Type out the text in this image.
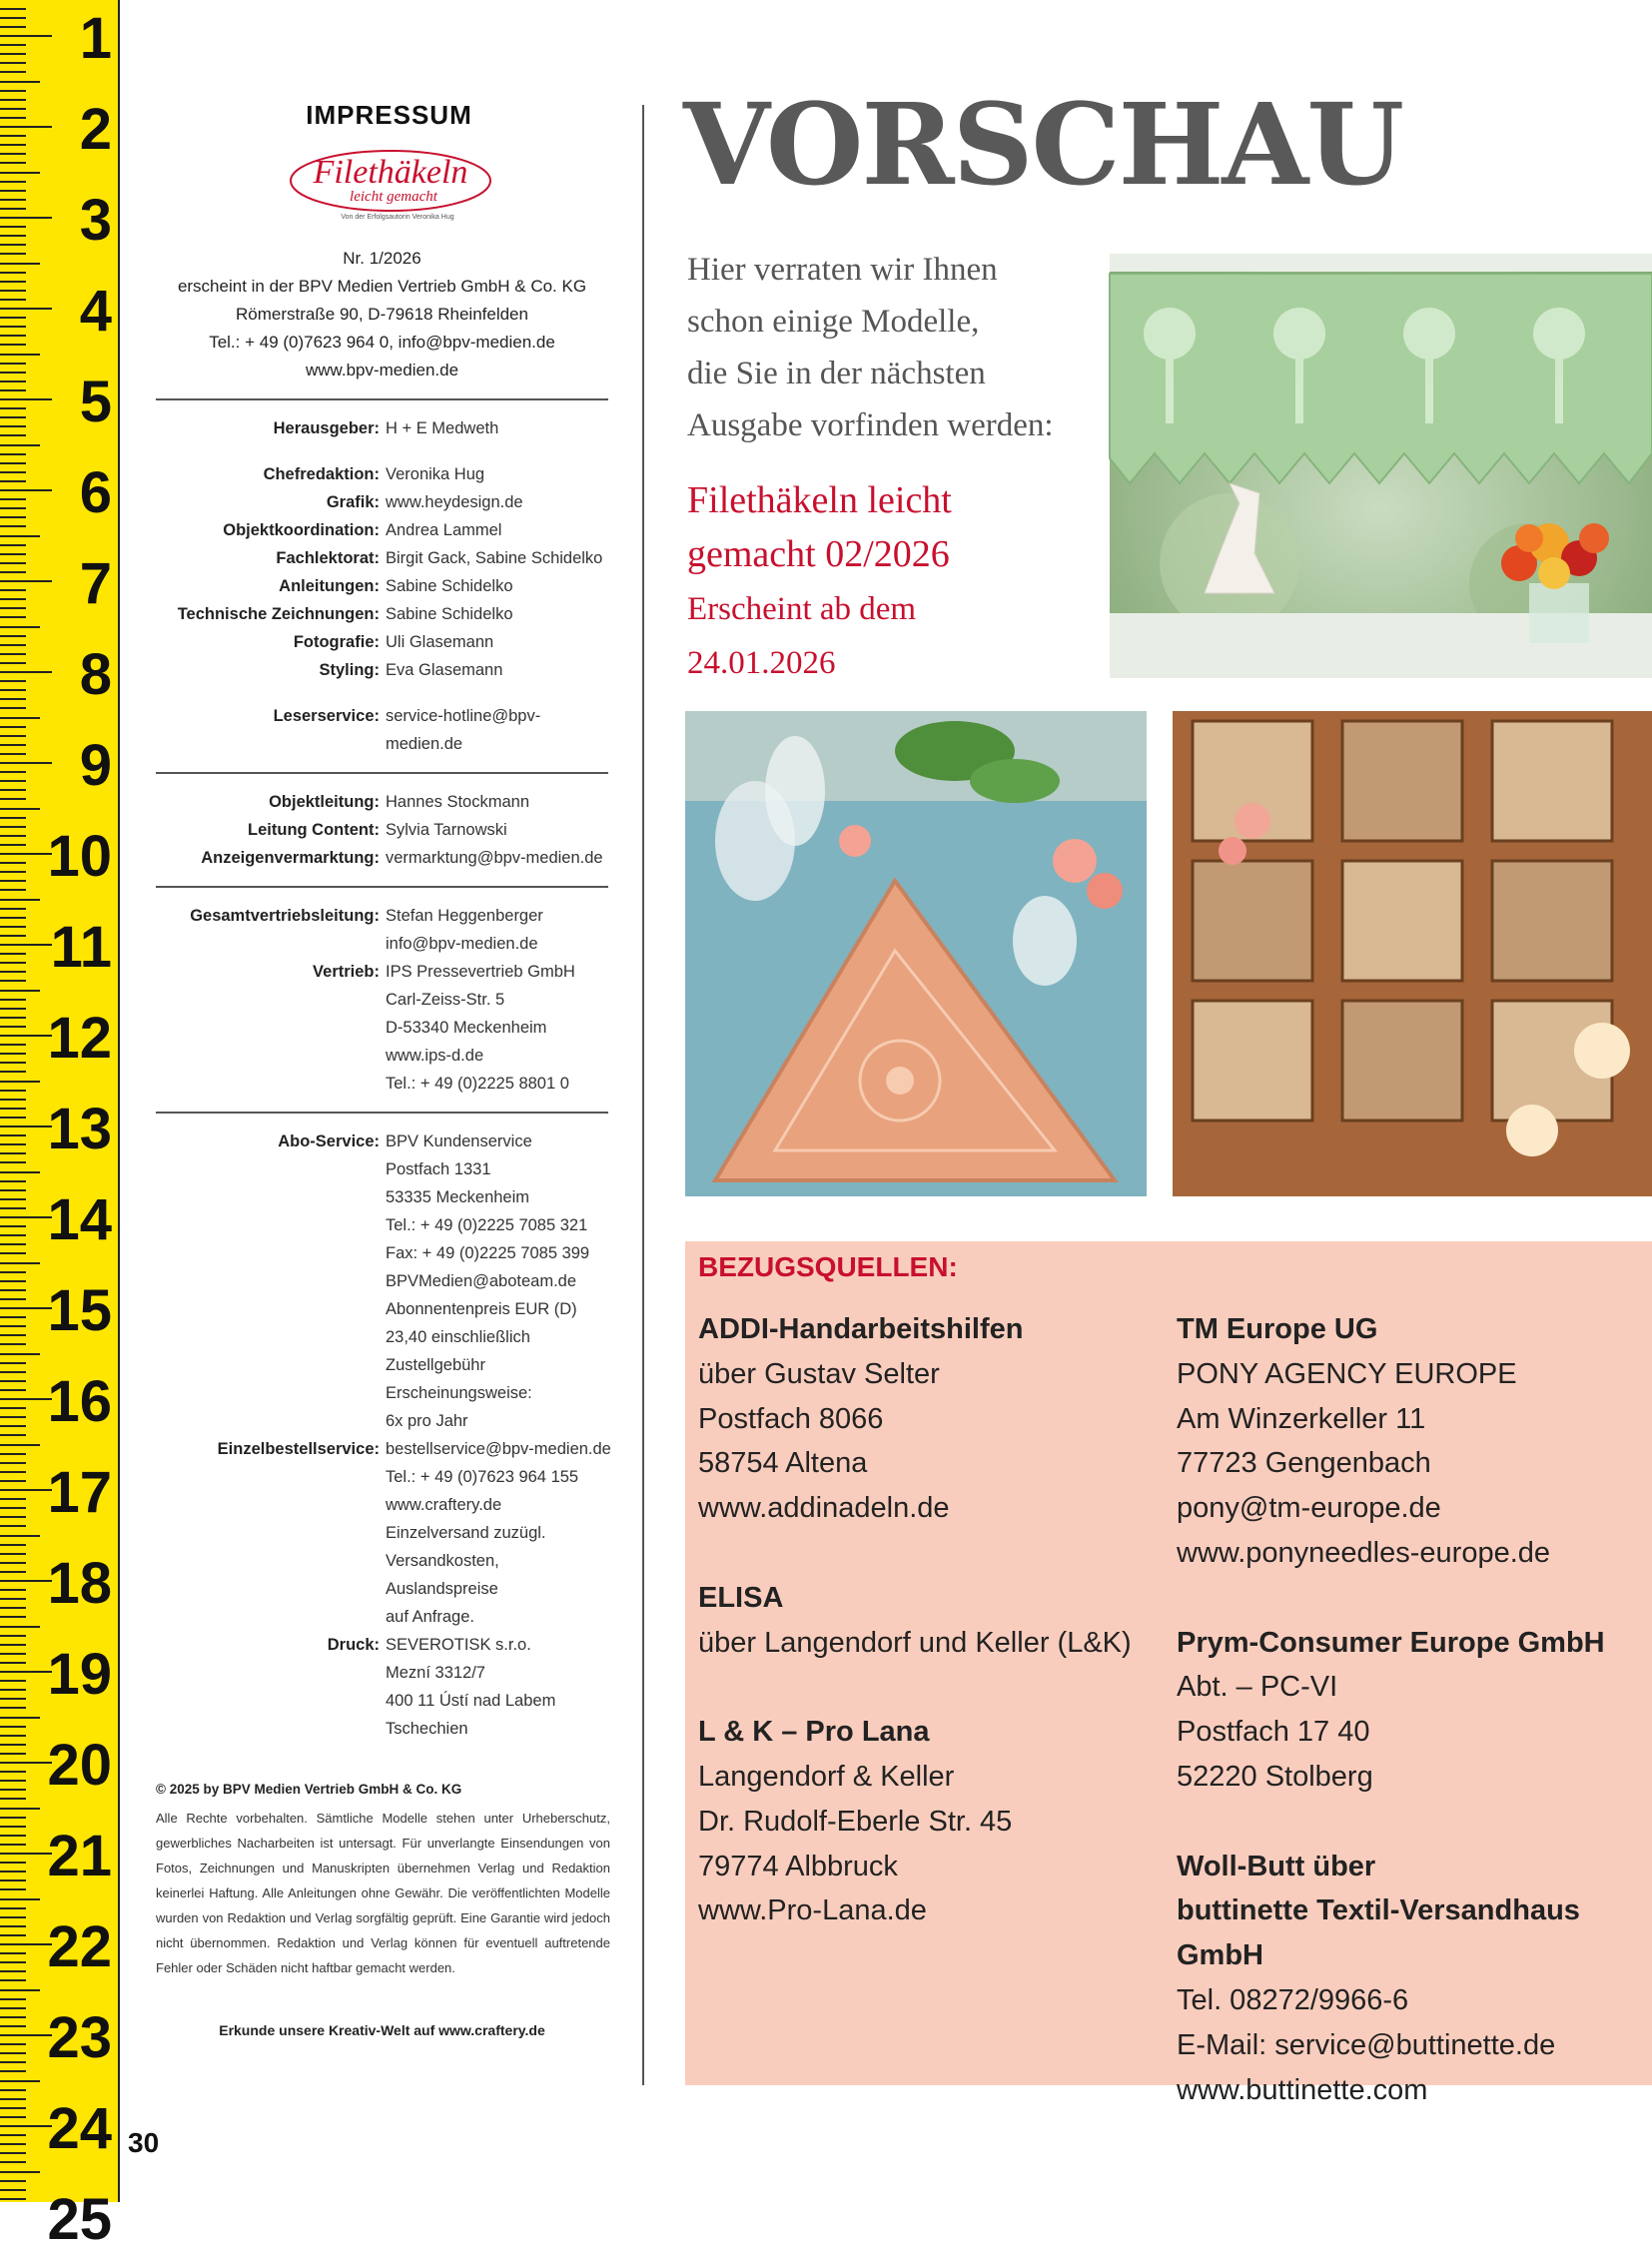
1
2
3
4
5
6
7
8
9
10
11
12
13
14
15
16
17
18
19
20
21
22
23
24
25
30
IMPRESSUM
Filethäkeln
leicht gemacht
Von der Erfolgsautorin Veronika Hug
Nr. 1/2026
erscheint in der BPV Medien Vertrieb GmbH & Co. KG
Römerstraße 90, D-79618 Rheinfelden
Tel.: + 49 (0)7623 964 0, info@bpv-medien.de
www.bpv-medien.de
Herausgeber: H + E Medweth
Chefredaktion: Veronika Hug
Grafik: www.heydesign.de
Objektkoordination: Andrea Lammel
Fachlektorat: Birgit Gack, Sabine Schidelko
Anleitungen: Sabine Schidelko
Technische Zeichnungen: Sabine Schidelko
Fotografie: Uli Glasemann
Styling: Eva Glasemann
Leserservice: service-hotline@bpv-medien.de
Objektleitung: Hannes Stockmann
Leitung Content: Sylvia Tarnowski
Anzeigenvermarktung: vermarktung@bpv-medien.de
Gesamtvertriebsleitung: Stefan Heggenberger
info@bpv-medien.de
Vertrieb: IPS Pressevertrieb GmbH
Carl-Zeiss-Str. 5
D-53340 Meckenheim
www.ips-d.de
Tel.: + 49 (0)2225 8801 0
Abo-Service: BPV Kundenservice
Postfach 1331
53335 Meckenheim
Tel.: + 49 (0)2225 7085 321
Fax: + 49 (0)2225 7085 399
BPVMedien@aboteam.de
Abonnentenpreis EUR (D)
23,40 einschließlich
Zustellgebühr
Erscheinungsweise:
6x pro Jahr
Einzelbestellservice: bestellservice@bpv-medien.de
Tel.: + 49 (0)7623 964 155
www.craftery.de
Einzelversand zuzügl.
Versandkosten, Auslandspreise
auf Anfrage.
Druck: SEVEROTISK s.r.o.
Mezní 3312/7
400 11 Ústí nad Labem
Tschechien
© 2025 by BPV Medien Vertrieb GmbH & Co. KG
Alle Rechte vorbehalten. Sämtliche Modelle stehen unter Urheberschutz, gewerbliches Nacharbeiten ist untersagt. Für unverlangte Einsendungen von Fotos, Zeichnungen und Manuskripten übernehmen Verlag und Redaktion keinerlei Haftung. Alle Anleitungen ohne Gewähr. Die veröffentlichten Modelle wurden von Redaktion und Verlag sorgfältig geprüft. Eine Garantie wird jedoch nicht übernommen. Redaktion und Verlag können für eventuell auftretende Fehler oder Schäden nicht haftbar gemacht werden.
Erkunde unsere Kreativ-Welt auf www.craftery.de
VORSCHAU
Hier verraten wir Ihnen
schon einige Modelle,
die Sie in der nächsten
Ausgabe vorfinden werden:
Filethäkeln leicht
gemacht 02/2026
Erscheint ab dem
24.01.2026
BEZUGSQUELLEN:
ADDI-Handarbeitshilfen
über Gustav Selter
Postfach 8066
58754 Altena
www.addinadeln.de
ELISA
über Langendorf und Keller (L&K)
L & K – Pro Lana
Langendorf & Keller
Dr. Rudolf-Eberle Str. 45
79774 Albbruck
www.Pro-Lana.de
TM Europe UG
PONY AGENCY EUROPE
Am Winzerkeller 11
77723 Gengenbach
pony@tm-europe.de
www.ponyneedles-europe.de
Prym-Consumer Europe GmbH
Abt. – PC-VI
Postfach 17 40
52220 Stolberg
Woll-Butt über
buttinette Textil-Versandhaus GmbH
Tel. 08272/9966-6
E-Mail: service@buttinette.de
www.buttinette.com
